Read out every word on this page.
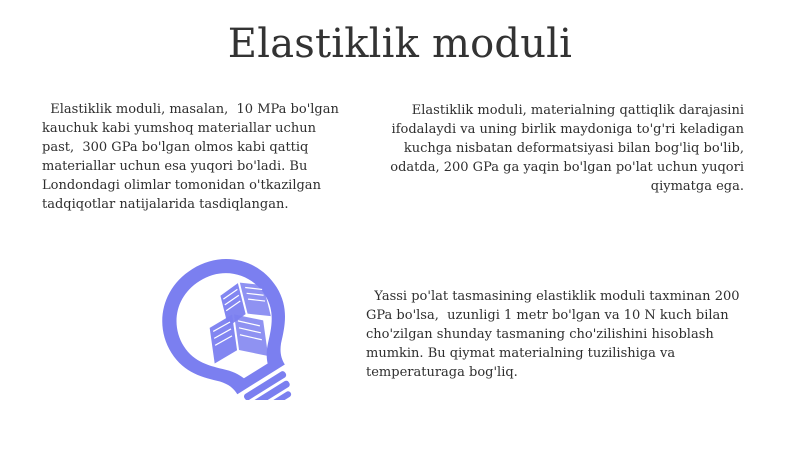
Elastiklik moduli

Elastiklik moduli, masalan,  10 MPa bo'lgan kauchuk kabi yumshoq materiallar uchun past,  300 GPa bo'lgan olmos kabi qattiq materiallar uchun esa yuqori bo'ladi. Bu  Londondagi olimlar tomonidan o'tkazilgan tadqiqotlar natijalarida tasdiqlangan.

Elastiklik moduli, materialning qattiqlik darajasini ifodalaydi va uning birlik maydoniga to'g'ri keladigan kuchga nisbatan deformatsiyasi bilan bog'liq bo'lib, odatda, 200 GPa ga yaqin bo'lgan po'lat uchun yuqori qiymatga ega.

Yassi po'lat tasmasining elastiklik moduli taxminan 200 GPa bo'lsa,  uzunligi 1 metr bo'lgan va 10 N kuch bilan cho'zilgan shunday tasmaning cho'zilishini hisoblash mumkin. Bu qiymat materialning tuzilishiga va  temperaturaga bog'liq.
